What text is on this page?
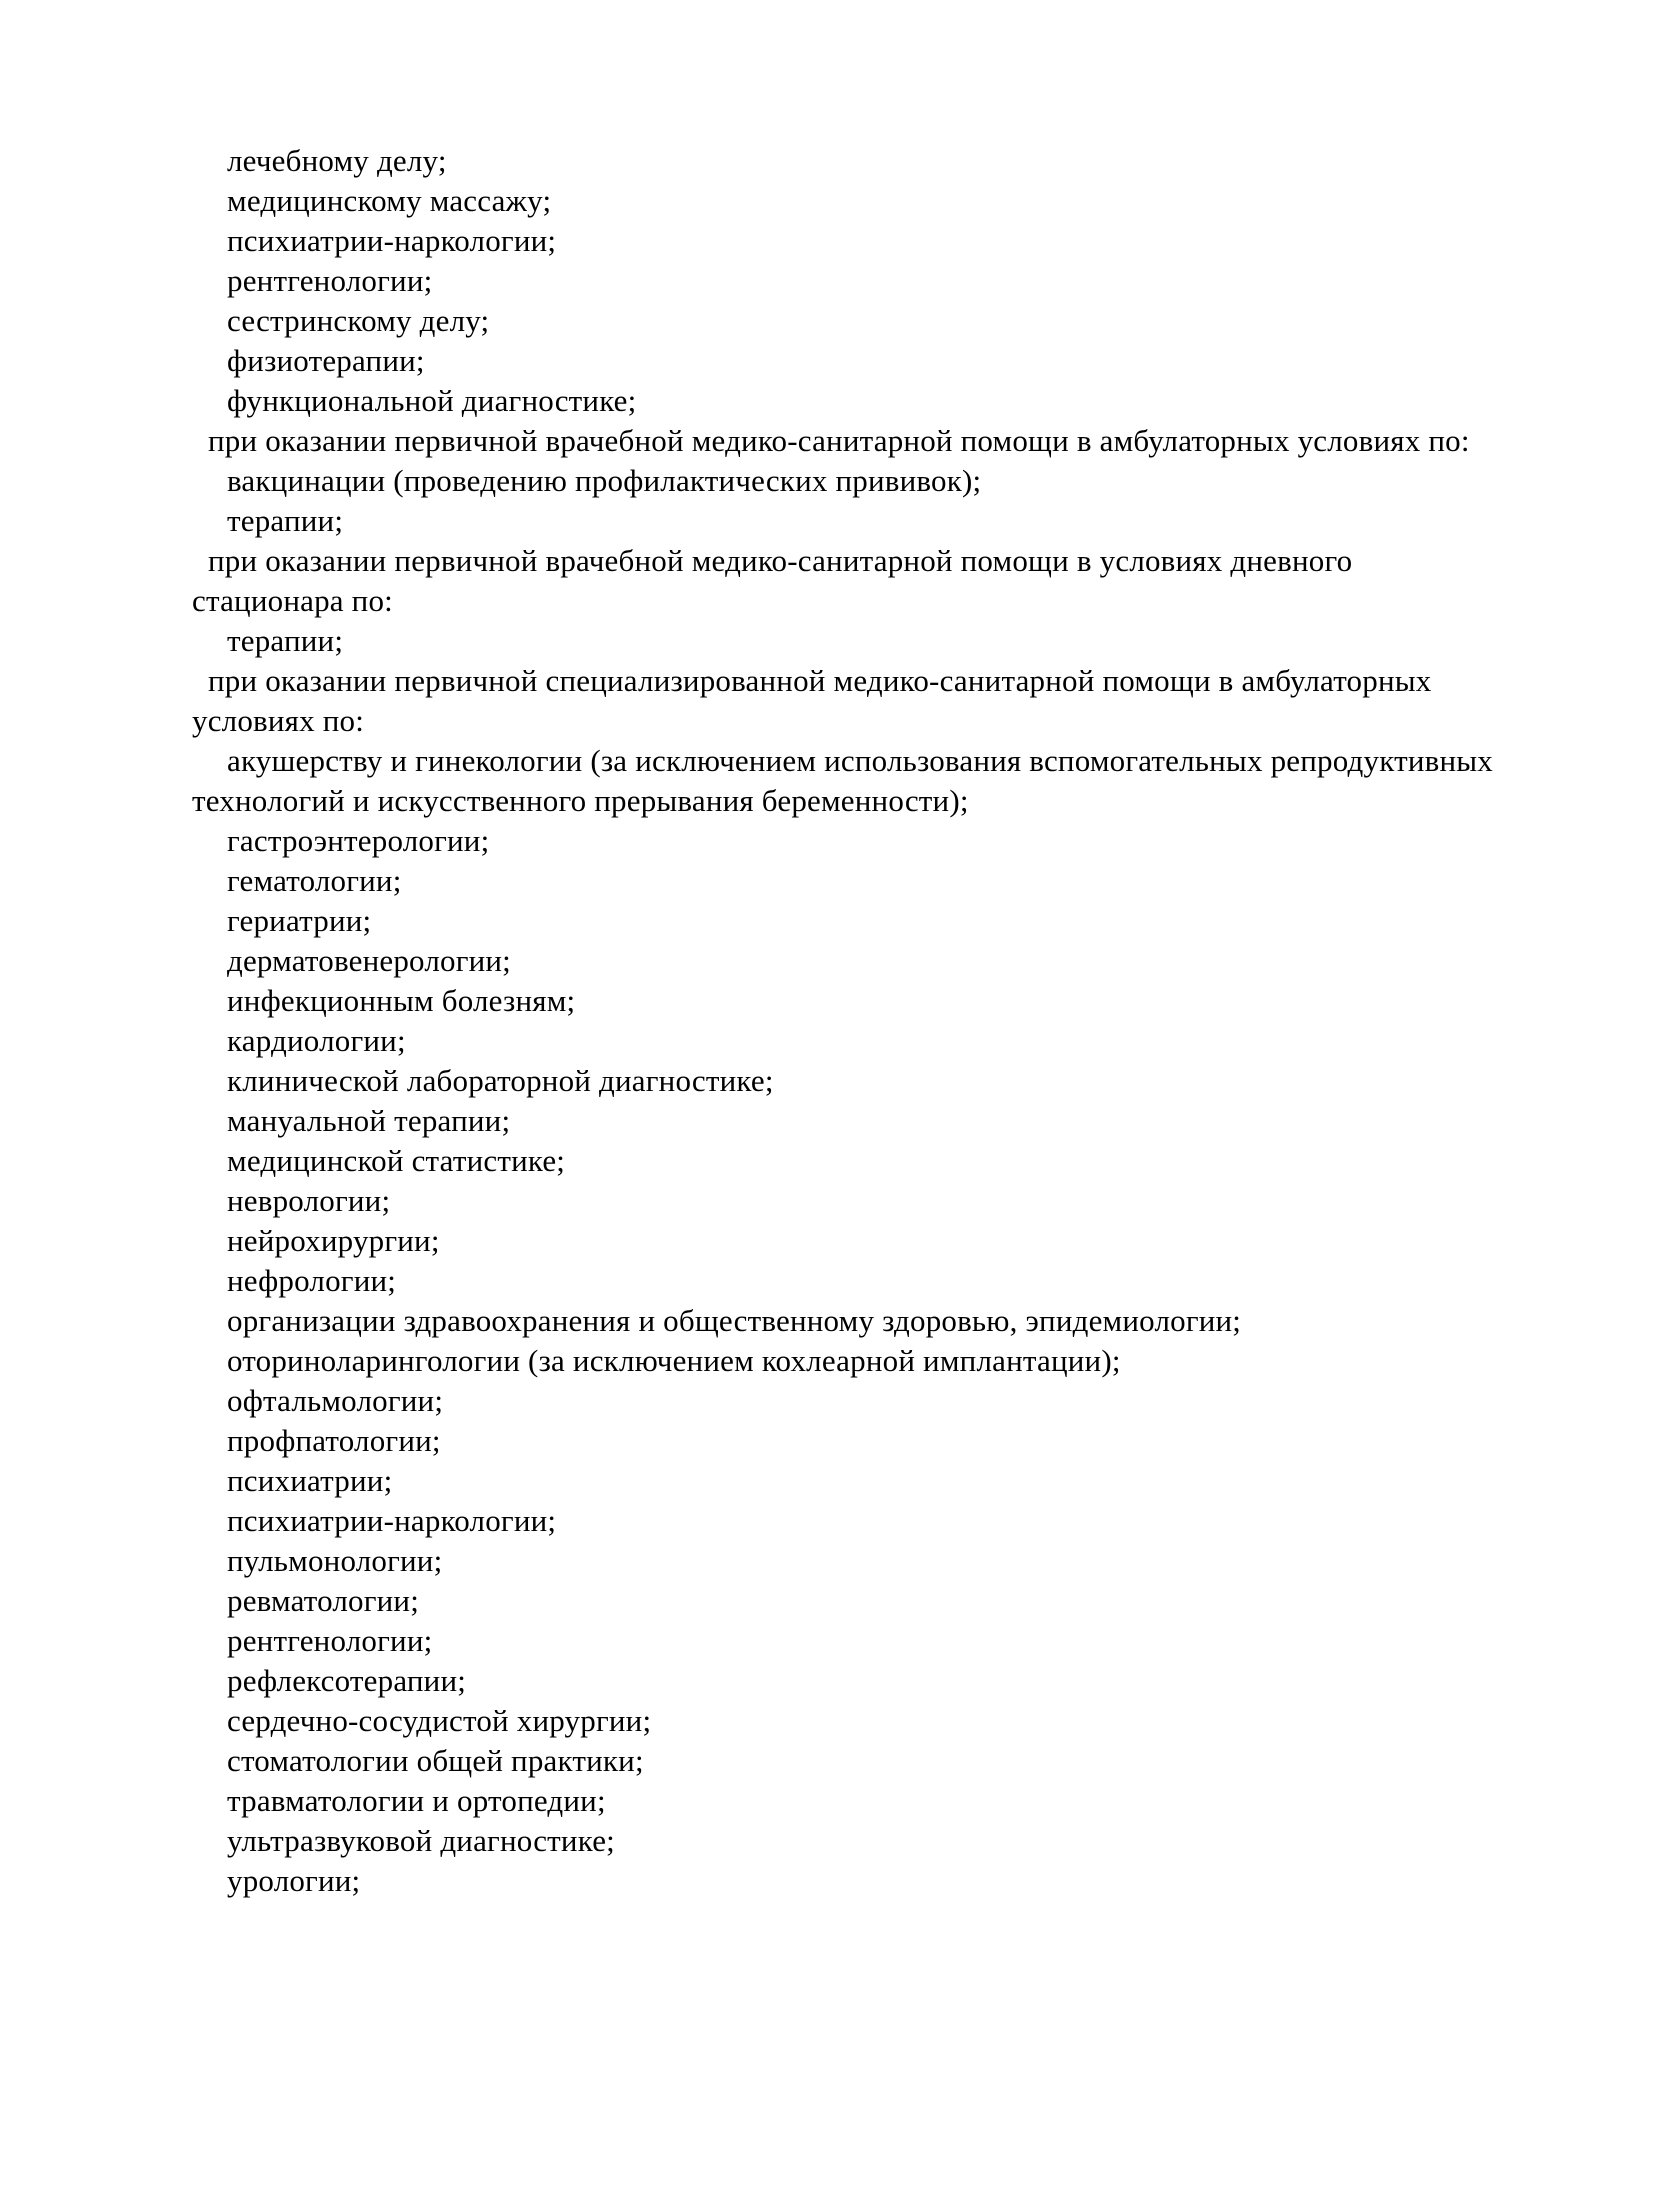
лечебному делу;
медицинскому массажу;
психиатрии-наркологии;
рентгенологии;
сестринскому делу;
физиотерапии;
функциональной диагностике;
при оказании первичной врачебной медико-санитарной помощи в амбулаторных условиях по:
вакцинации (проведению профилактических прививок);
терапии;
при оказании первичной врачебной медико-санитарной помощи в условиях дневного
стационара по:
терапии;
при оказании первичной специализированной медико-санитарной помощи в амбулаторных
условиях по:
акушерству и гинекологии (за исключением использования вспомогательных репродуктивных
технологий и искусственного прерывания беременности);
гастроэнтерологии;
гематологии;
гериатрии;
дерматовенерологии;
инфекционным болезням;
кардиологии;
клинической лабораторной диагностике;
мануальной терапии;
медицинской статистике;
неврологии;
нейрохирургии;
нефрологии;
организации здравоохранения и общественному здоровью, эпидемиологии;
оториноларингологии (за исключением кохлеарной имплантации);
офтальмологии;
профпатологии;
психиатрии;
психиатрии-наркологии;
пульмонологии;
ревматологии;
рентгенологии;
рефлексотерапии;
сердечно-сосудистой хирургии;
стоматологии общей практики;
травматологии и ортопедии;
ультразвуковой диагностике;
урологии;
